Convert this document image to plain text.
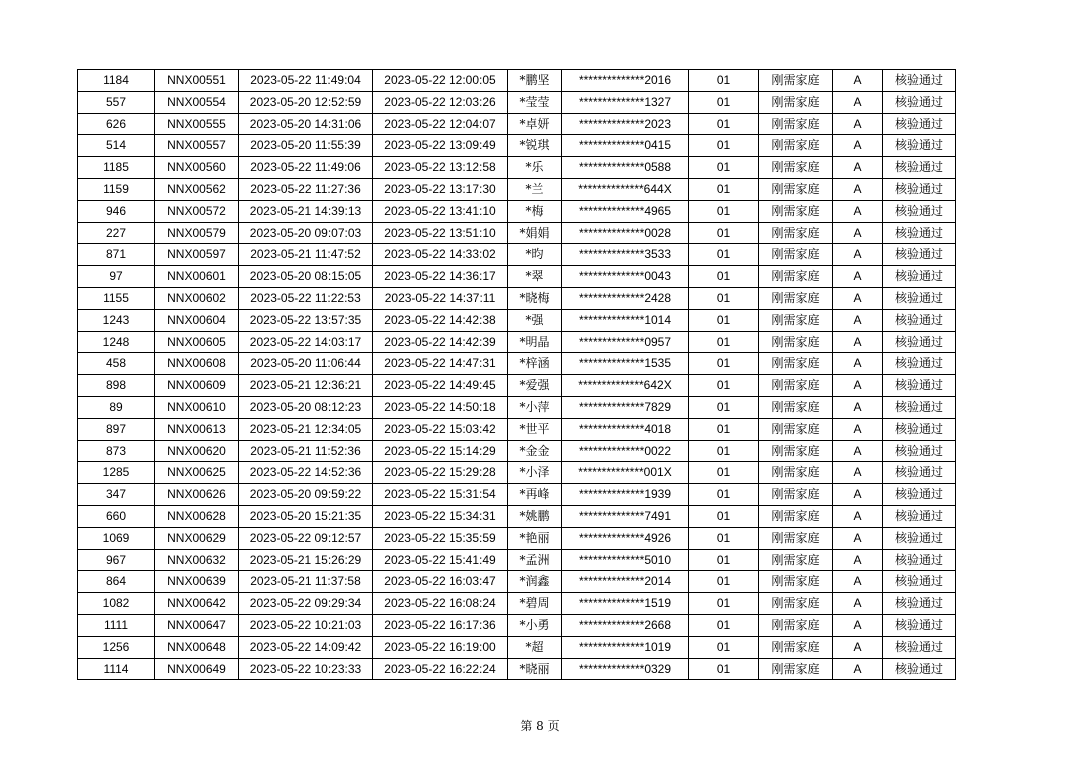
1184	NNX00551	2023-05-22 11:49:04	2023-05-22 12:00:05	*鹏坚	**************2016	01	刚需家庭	A	核验通过
557	NNX00554	2023-05-20 12:52:59	2023-05-22 12:03:26	*莹莹	**************1327	01	刚需家庭	A	核验通过
626	NNX00555	2023-05-20 14:31:06	2023-05-22 12:04:07	*卓妍	**************2023	01	刚需家庭	A	核验通过
514	NNX00557	2023-05-20 11:55:39	2023-05-22 13:09:49	*锐琪	**************0415	01	刚需家庭	A	核验通过
1185	NNX00560	2023-05-22 11:49:06	2023-05-22 13:12:58	*乐	**************0588	01	刚需家庭	A	核验通过
1159	NNX00562	2023-05-22 11:27:36	2023-05-22 13:17:30	*兰	**************644X	01	刚需家庭	A	核验通过
946	NNX00572	2023-05-21 14:39:13	2023-05-22 13:41:10	*梅	**************4965	01	刚需家庭	A	核验通过
227	NNX00579	2023-05-20 09:07:03	2023-05-22 13:51:10	*娟娟	**************0028	01	刚需家庭	A	核验通过
871	NNX00597	2023-05-21 11:47:52	2023-05-22 14:33:02	*昀	**************3533	01	刚需家庭	A	核验通过
97	NNX00601	2023-05-20 08:15:05	2023-05-22 14:36:17	*翠	**************0043	01	刚需家庭	A	核验通过
1155	NNX00602	2023-05-22 11:22:53	2023-05-22 14:37:11	*晓梅	**************2428	01	刚需家庭	A	核验通过
1243	NNX00604	2023-05-22 13:57:35	2023-05-22 14:42:38	*强	**************1014	01	刚需家庭	A	核验通过
1248	NNX00605	2023-05-22 14:03:17	2023-05-22 14:42:39	*明晶	**************0957	01	刚需家庭	A	核验通过
458	NNX00608	2023-05-20 11:06:44	2023-05-22 14:47:31	*梓涵	**************1535	01	刚需家庭	A	核验通过
898	NNX00609	2023-05-21 12:36:21	2023-05-22 14:49:45	*爱强	**************642X	01	刚需家庭	A	核验通过
89	NNX00610	2023-05-20 08:12:23	2023-05-22 14:50:18	*小萍	**************7829	01	刚需家庭	A	核验通过
897	NNX00613	2023-05-21 12:34:05	2023-05-22 15:03:42	*世平	**************4018	01	刚需家庭	A	核验通过
873	NNX00620	2023-05-21 11:52:36	2023-05-22 15:14:29	*金金	**************0022	01	刚需家庭	A	核验通过
1285	NNX00625	2023-05-22 14:52:36	2023-05-22 15:29:28	*小泽	**************001X	01	刚需家庭	A	核验通过
347	NNX00626	2023-05-20 09:59:22	2023-05-22 15:31:54	*再峰	**************1939	01	刚需家庭	A	核验通过
660	NNX00628	2023-05-20 15:21:35	2023-05-22 15:34:31	*姚鹏	**************7491	01	刚需家庭	A	核验通过
1069	NNX00629	2023-05-22 09:12:57	2023-05-22 15:35:59	*艳丽	**************4926	01	刚需家庭	A	核验通过
967	NNX00632	2023-05-21 15:26:29	2023-05-22 15:41:49	*孟洲	**************5010	01	刚需家庭	A	核验通过
864	NNX00639	2023-05-21 11:37:58	2023-05-22 16:03:47	*润鑫	**************2014	01	刚需家庭	A	核验通过
1082	NNX00642	2023-05-22 09:29:34	2023-05-22 16:08:24	*碧周	**************1519	01	刚需家庭	A	核验通过
1111	NNX00647	2023-05-22 10:21:03	2023-05-22 16:17:36	*小勇	**************2668	01	刚需家庭	A	核验通过
1256	NNX00648	2023-05-22 14:09:42	2023-05-22 16:19:00	*超	**************1019	01	刚需家庭	A	核验通过
1114	NNX00649	2023-05-22 10:23:33	2023-05-22 16:22:24	*晓丽	**************0329	01	刚需家庭	A	核验通过
第 8 页
